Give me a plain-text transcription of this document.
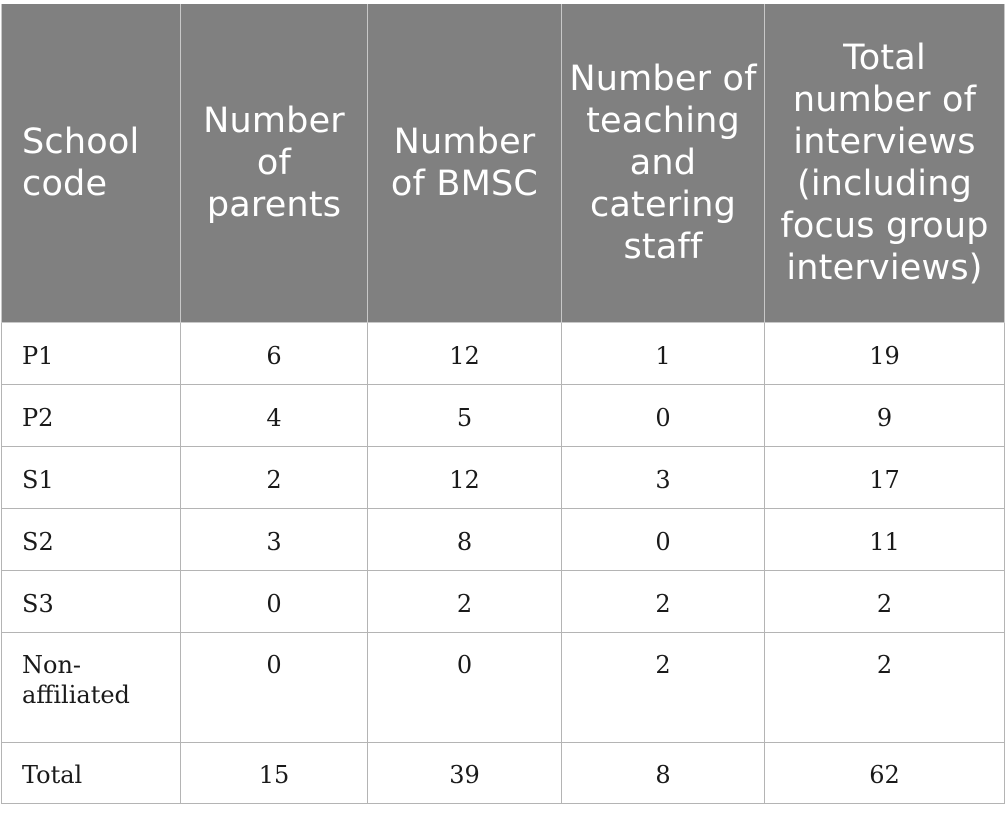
School code	Number of parents	Number of BMSC	Number of teaching and catering staff	Total number of interviews (including focus group interviews)
P1	6	12	1	19
P2	4	5	0	9
S1	2	12	3	17
S2	3	8	0	11
S3	0	2	2	2
Non-affiliated	0	0	2	2
Total	15	39	8	62
